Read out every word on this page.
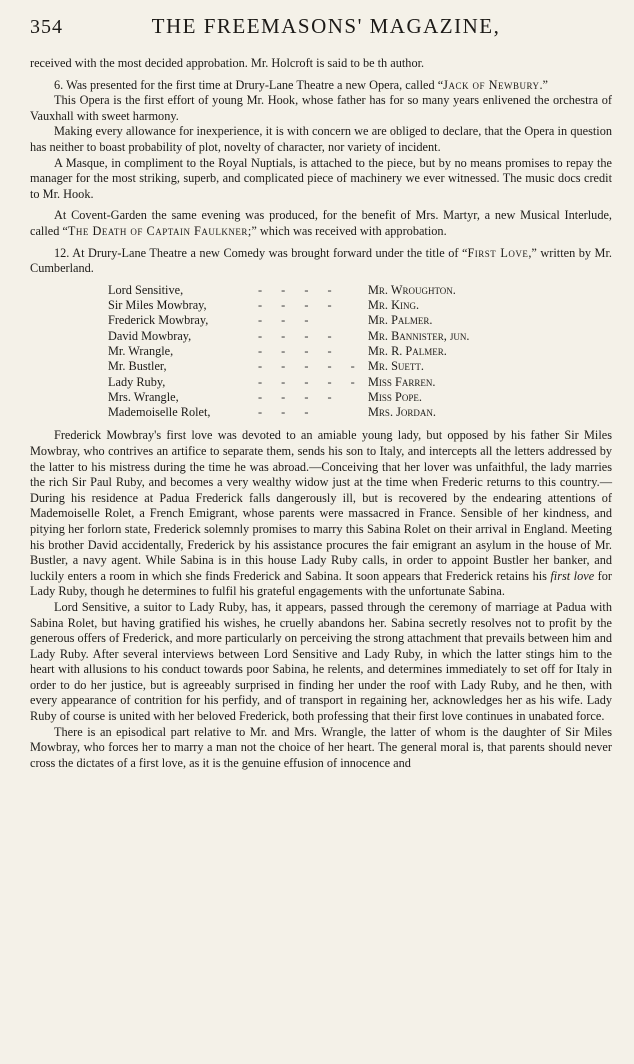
354	THE FREEMASONS' MAGAZINE,

received with the most decided approbation. Mr. Holcroft is said to be th author.

6. Was presented for the first time at Drury-Lane Theatre a new Opera, called “Jack of Newbury.”

This Opera is the first effort of young Mr. Hook, whose father has for so many years enlivened the orchestra of Vauxhall with sweet harmony.

Making every allowance for inexperience, it is with concern we are obliged to declare, that the Opera in question has neither to boast probability of plot, novelty of character, nor variety of incident.

A Masque, in compliment to the Royal Nuptials, is attached to the piece, but by no means promises to repay the manager for the most striking, superb, and complicated piece of machinery we ever witnessed. The music docs credit to Mr. Hook.

At Covent-Garden the same evening was produced, for the benefit of Mrs. Martyr, a new Musical Interlude, called “The Death of Captain Faulkner;” which was received with approbation.

12. At Drury-Lane Theatre a new Comedy was brought forward under the title of “First Love,” written by Mr. Cumberland.

Lord Sensitive,	- - - -	Mr. Wroughton.
Sir Miles Mowbray,	- - - -	Mr. King.
Frederick Mowbray,	- - -	Mr. Palmer.
David Mowbray,	- - - -	Mr. Bannister, jun.
Mr. Wrangle,	- - - -	Mr. R. Palmer.
Mr. Bustler,	- - - - -	Mr. Suett.
Lady Ruby,	- - - - -	Miss Farren.
Mrs. Wrangle,	- - - -	Miss Pope.
Mademoiselle Rolet,	- - -	Mrs. Jordan.

Frederick Mowbray's first love was devoted to an amiable young lady, but opposed by his father Sir Miles Mowbray, who contrives an artifice to separate them, sends his son to Italy, and intercepts all the letters addressed by the latter to his mistress during the time he was abroad.—Conceiving that her lover was unfaithful, the lady marries the rich Sir Paul Ruby, and becomes a very wealthy widow just at the time when Frederic returns to this country.—During his residence at Padua Frederick falls dangerously ill, but is recovered by the endearing attentions of Mademoiselle Rolet, a French Emigrant, whose parents were massacred in France. Sensible of her kindness, and pitying her forlorn state, Frederick solemnly promises to marry this Sabina Rolet on their arrival in England. Meeting his brother David accidentally, Frederick by his assistance procures the fair emigrant an asylum in the house of Mr. Bustler, a navy agent. While Sabina is in this house Lady Ruby calls, in order to appoint Bustler her banker, and luckily enters a room in which she finds Frederick and Sabina. It soon appears that Frederick retains his first love for Lady Ruby, though he determines to fulfil his grateful engagements with the unfortunate Sabina.

Lord Sensitive, a suitor to Lady Ruby, has, it appears, passed through the ceremony of marriage at Padua with Sabina Rolet, but having gratified his wishes, he cruelly abandons her. Sabina secretly resolves not to profit by the generous offers of Frederick, and more particularly on perceiving the strong attachment that prevails between him and Lady Ruby. After several interviews between Lord Sensitive and Lady Ruby, in which the latter stings him to the heart with allusions to his conduct towards poor Sabina, he relents, and determines immediately to set off for Italy in order to do her justice, but is agreeably surprised in finding her under the roof with Lady Ruby, and he then, with every appearance of contrition for his perfidy, and of transport in regaining her, acknowledges her as his wife. Lady Ruby of course is united with her beloved Frederick, both professing that their first love continues in unabated force.

There is an episodical part relative to Mr. and Mrs. Wrangle, the latter of whom is the daughter of Sir Miles Mowbray, who forces her to marry a man not the choice of her heart. The general moral is, that parents should never cross the dictates of a first love, as it is the genuine effusion of innocence and
